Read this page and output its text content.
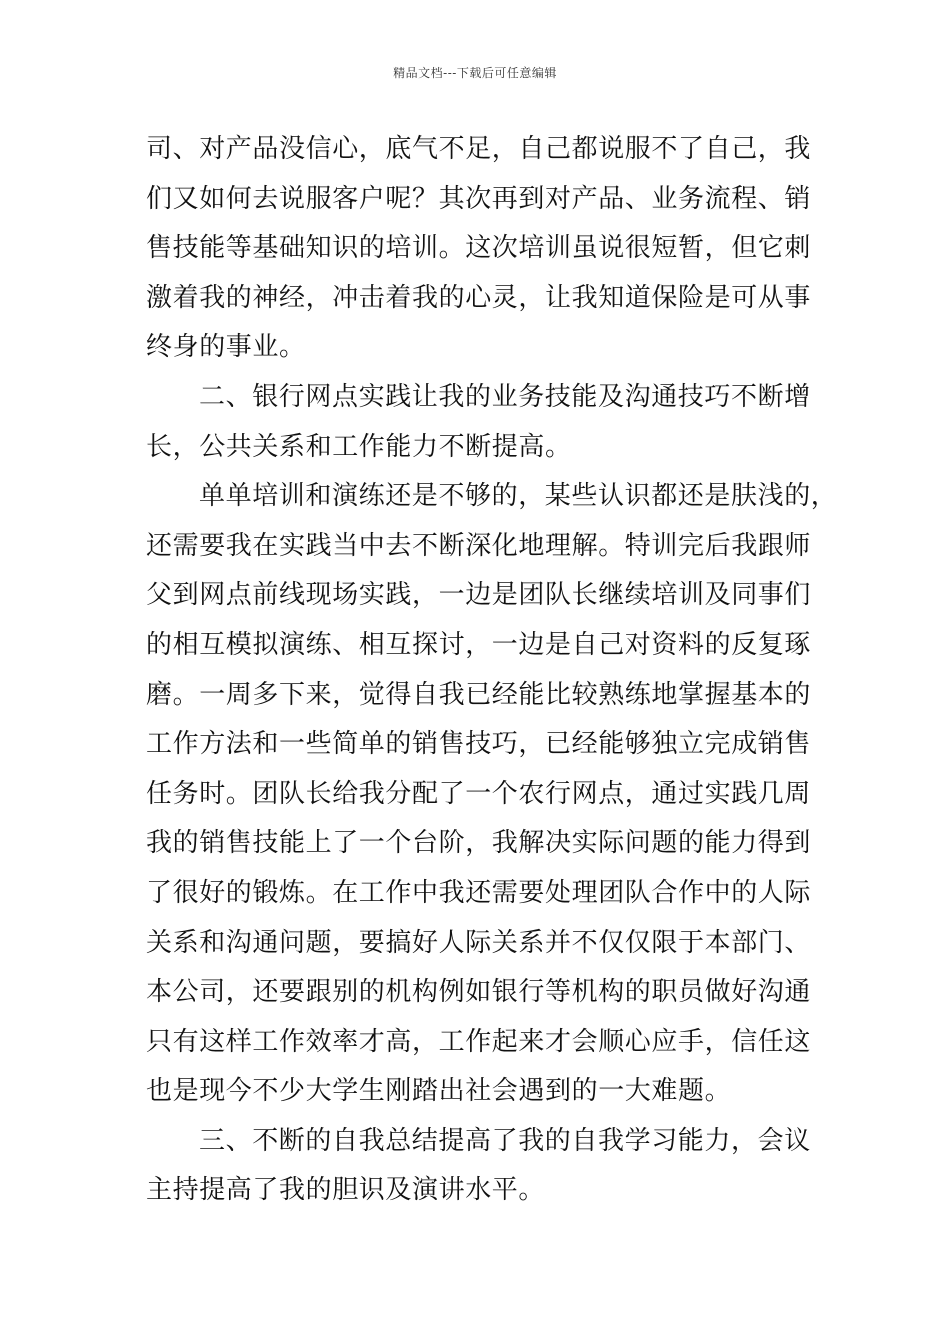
精品文档---下载后可任意编辑
司、对产品没信心，底气不足，自己都说服不了自己，我
们又如何去说服客户呢？其次再到对产品、业务流程、销
售技能等基础知识的培训。这次培训虽说很短暂，但它刺
激着我的神经，冲击着我的心灵，让我知道保险是可从事
终身的事业。
二、银行网点实践让我的业务技能及沟通技巧不断增
长，公共关系和工作能力不断提高。
单单培训和演练还是不够的，某些认识都还是肤浅的，
还需要我在实践当中去不断深化地理解。特训完后我跟师
父到网点前线现场实践，一边是团队长继续培训及同事们
的相互模拟演练、相互探讨，一边是自己对资料的反复琢
磨。一周多下来，觉得自我已经能比较熟练地掌握基本的
工作方法和一些简单的销售技巧，已经能够独立完成销售
任务时。团队长给我分配了一个农行网点，通过实践几周
我的销售技能上了一个台阶，我解决实际问题的能力得到
了很好的锻炼。在工作中我还需要处理团队合作中的人际
关系和沟通问题，要搞好人际关系并不仅仅限于本部门、
本公司，还要跟别的机构例如银行等机构的职员做好沟通
只有这样工作效率才高，工作起来才会顺心应手，信任这
也是现今不少大学生刚踏出社会遇到的一大难题。
三、不断的自我总结提高了我的自我学习能力，会议
主持提高了我的胆识及演讲水平。
